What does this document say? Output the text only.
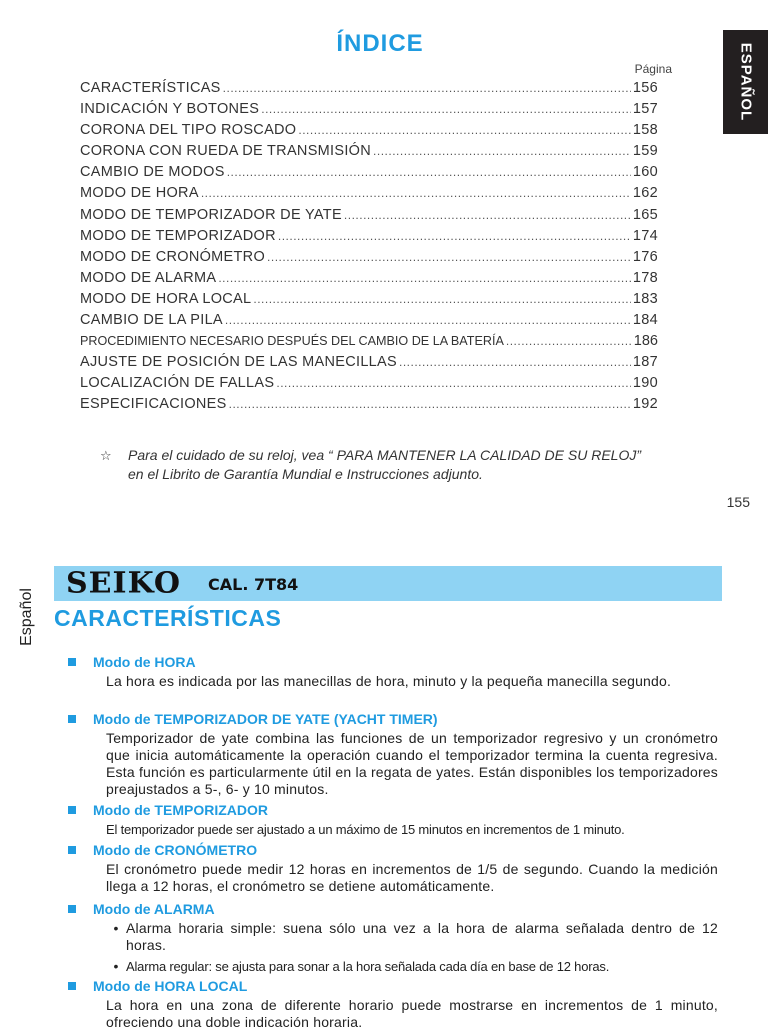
ÍNDICE
Página	ESPAÑOL
CARACTERÍSTICAS .....	156
INDICACIÓN Y BOTONES .....	157
CORONA DEL TIPO ROSCADO .....	158
CORONA CON RUEDA DE TRANSMISIÓN .....	159
CAMBIO DE MODOS .....	160
MODO DE HORA .....	162
MODO DE TEMPORIZADOR DE YATE .....	165
MODO DE TEMPORIZADOR .....	174
MODO DE CRONÓMETRO .....	176
MODO DE ALARMA .....	178
MODO DE HORA LOCAL .....	183
CAMBIO DE LA PILA .....	184
PROCEDIMIENTO NECESARIO DESPUÉS DEL CAMBIO DE LA BATERÍA .....	186
AJUSTE DE POSICIÓN DE LAS MANECILLAS .....	187
LOCALIZACIÓN DE FALLAS .....	190
ESPECIFICACIONES .....	192
☆	Para el cuidado de su reloj, vea “ PARA MANTENER LA CALIDAD DE SU RELOJ” en el Librito de Garantía Mundial e Instrucciones adjunto.
155
Español
SEIKO CAL. 7T84
CARACTERÍSTICAS
Modo de HORA
La hora es indicada por las manecillas de hora, minuto y la pequeña manecilla segundo.
Modo de TEMPORIZADOR DE YATE (YACHT TIMER)
Temporizador de yate combina las funciones de un temporizador regresivo y un cronómetro que inicia automáticamente la operación cuando el temporizador termina la cuenta regresiva. Esta función es particularmente útil en la regata de yates. Están disponibles los temporizadores preajustados a 5-, 6- y 10 minutos.
Modo de TEMPORIZADOR
El temporizador puede ser ajustado a un máximo de 15 minutos en incrementos de 1 minuto.
Modo de CRONÓMETRO
El cronómetro puede medir 12 horas en incrementos de 1/5 de segundo. Cuando la medición llega a 12 horas, el cronómetro se detiene automáticamente.
Modo de ALARMA
• Alarma horaria simple: suena sólo una vez a la hora de alarma señalada dentro de 12 horas.
• Alarma regular: se ajusta para sonar a la hora señalada cada día en base de 12 horas.
Modo de HORA LOCAL
La hora en una zona de diferente horario puede mostrarse en incrementos de 1 minuto, ofreciendo una doble indicación horaria.
